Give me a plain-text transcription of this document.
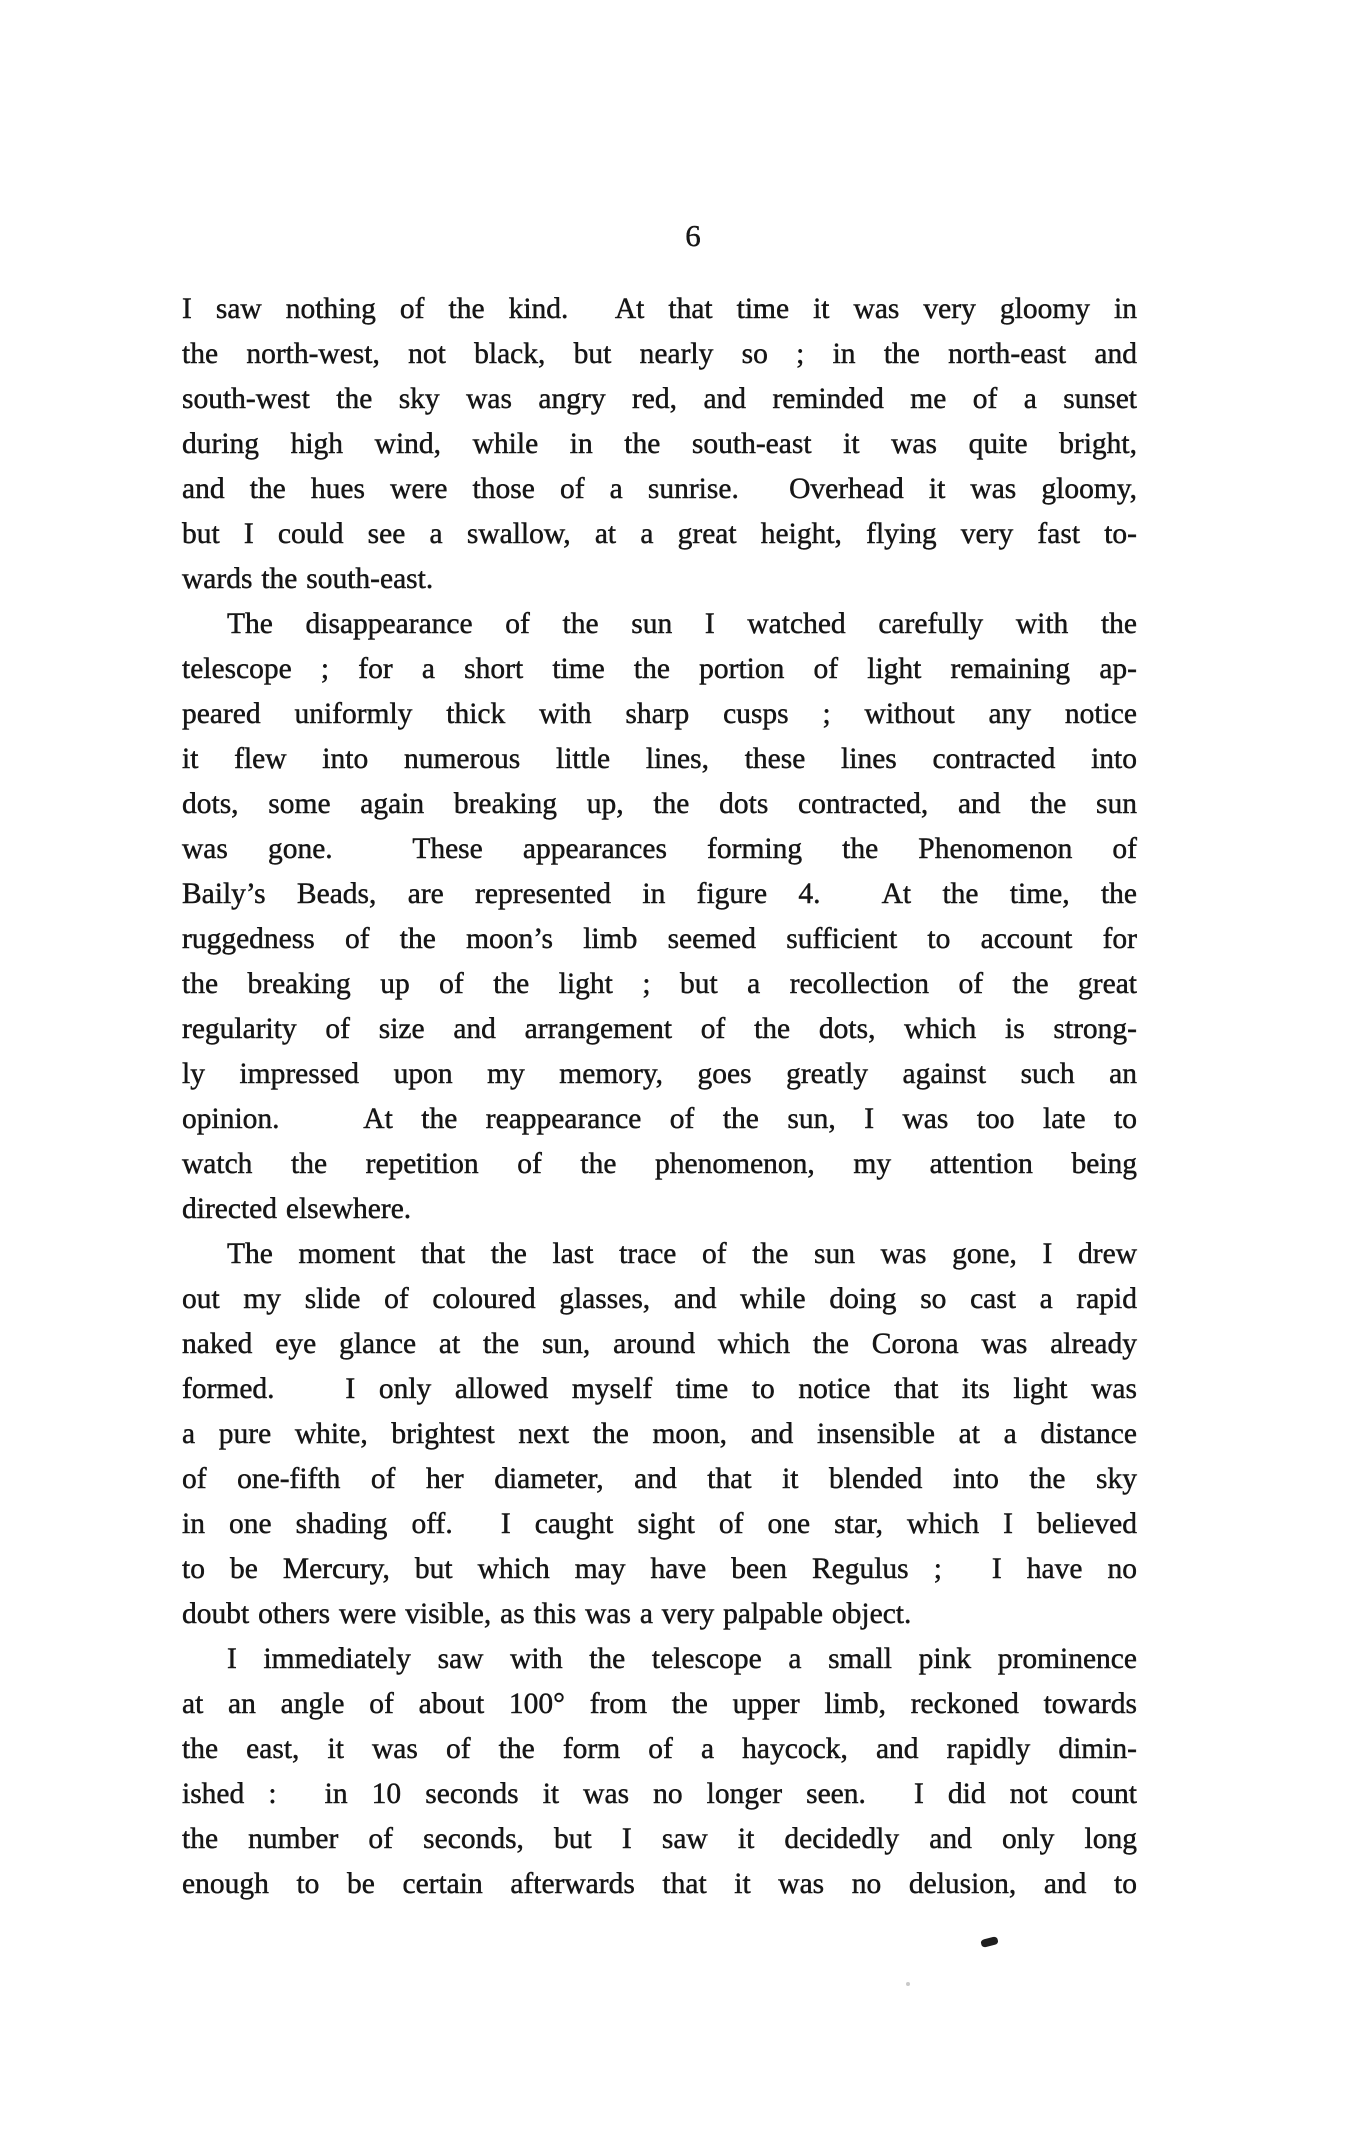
6
I saw nothing of the kind.  At that time it was very gloomy in
the north-west, not black, but nearly so ; in the north-east and
south-west the sky was angry red, and reminded me of a sunset
during high wind, while in the south-east it was quite bright,
and the hues were those of a sunrise.  Overhead it was gloomy,
but I could see a swallow, at a great height, flying very fast to-
wards the south-east.
The disappearance of the sun I watched carefully with the
telescope ; for a short time the portion of light remaining ap-
peared uniformly thick with sharp cusps ; without any notice
it flew into numerous little lines, these lines contracted into
dots, some again breaking up, the dots contracted, and the sun
was gone.  These appearances forming the Phenomenon of
Baily’s Beads, are represented in figure 4.  At the time, the
ruggedness of the moon’s limb seemed sufficient to account for
the breaking up of the light ; but a recollection of the great
regularity of size and arrangement of the dots, which is strong-
ly impressed upon my memory, goes greatly against such an
opinion.   At the reappearance of the sun, I was too late to
watch the repetition of the phenomenon, my attention being
directed elsewhere.
The moment that the last trace of the sun was gone, I drew
out my slide of coloured glasses, and while doing so cast a rapid
naked eye glance at the sun, around which the Corona was already
formed.   I only allowed myself time to notice that its light was
a pure white, brightest next the moon, and insensible at a distance
of one-fifth of her diameter, and that it blended into the sky
in one shading off.  I caught sight of one star, which I believed
to be Mercury, but which may have been Regulus ;  I have no
doubt others were visible, as this was a very palpable object.
I immediately saw with the telescope a small pink prominence
at an angle of about 100° from the upper limb, reckoned towards
the east, it was of the form of a haycock, and rapidly dimin-
ished :  in 10 seconds it was no longer seen.  I did not count
the number of seconds, but I saw it decidedly and only long
enough to be certain afterwards that it was no delusion, and to
